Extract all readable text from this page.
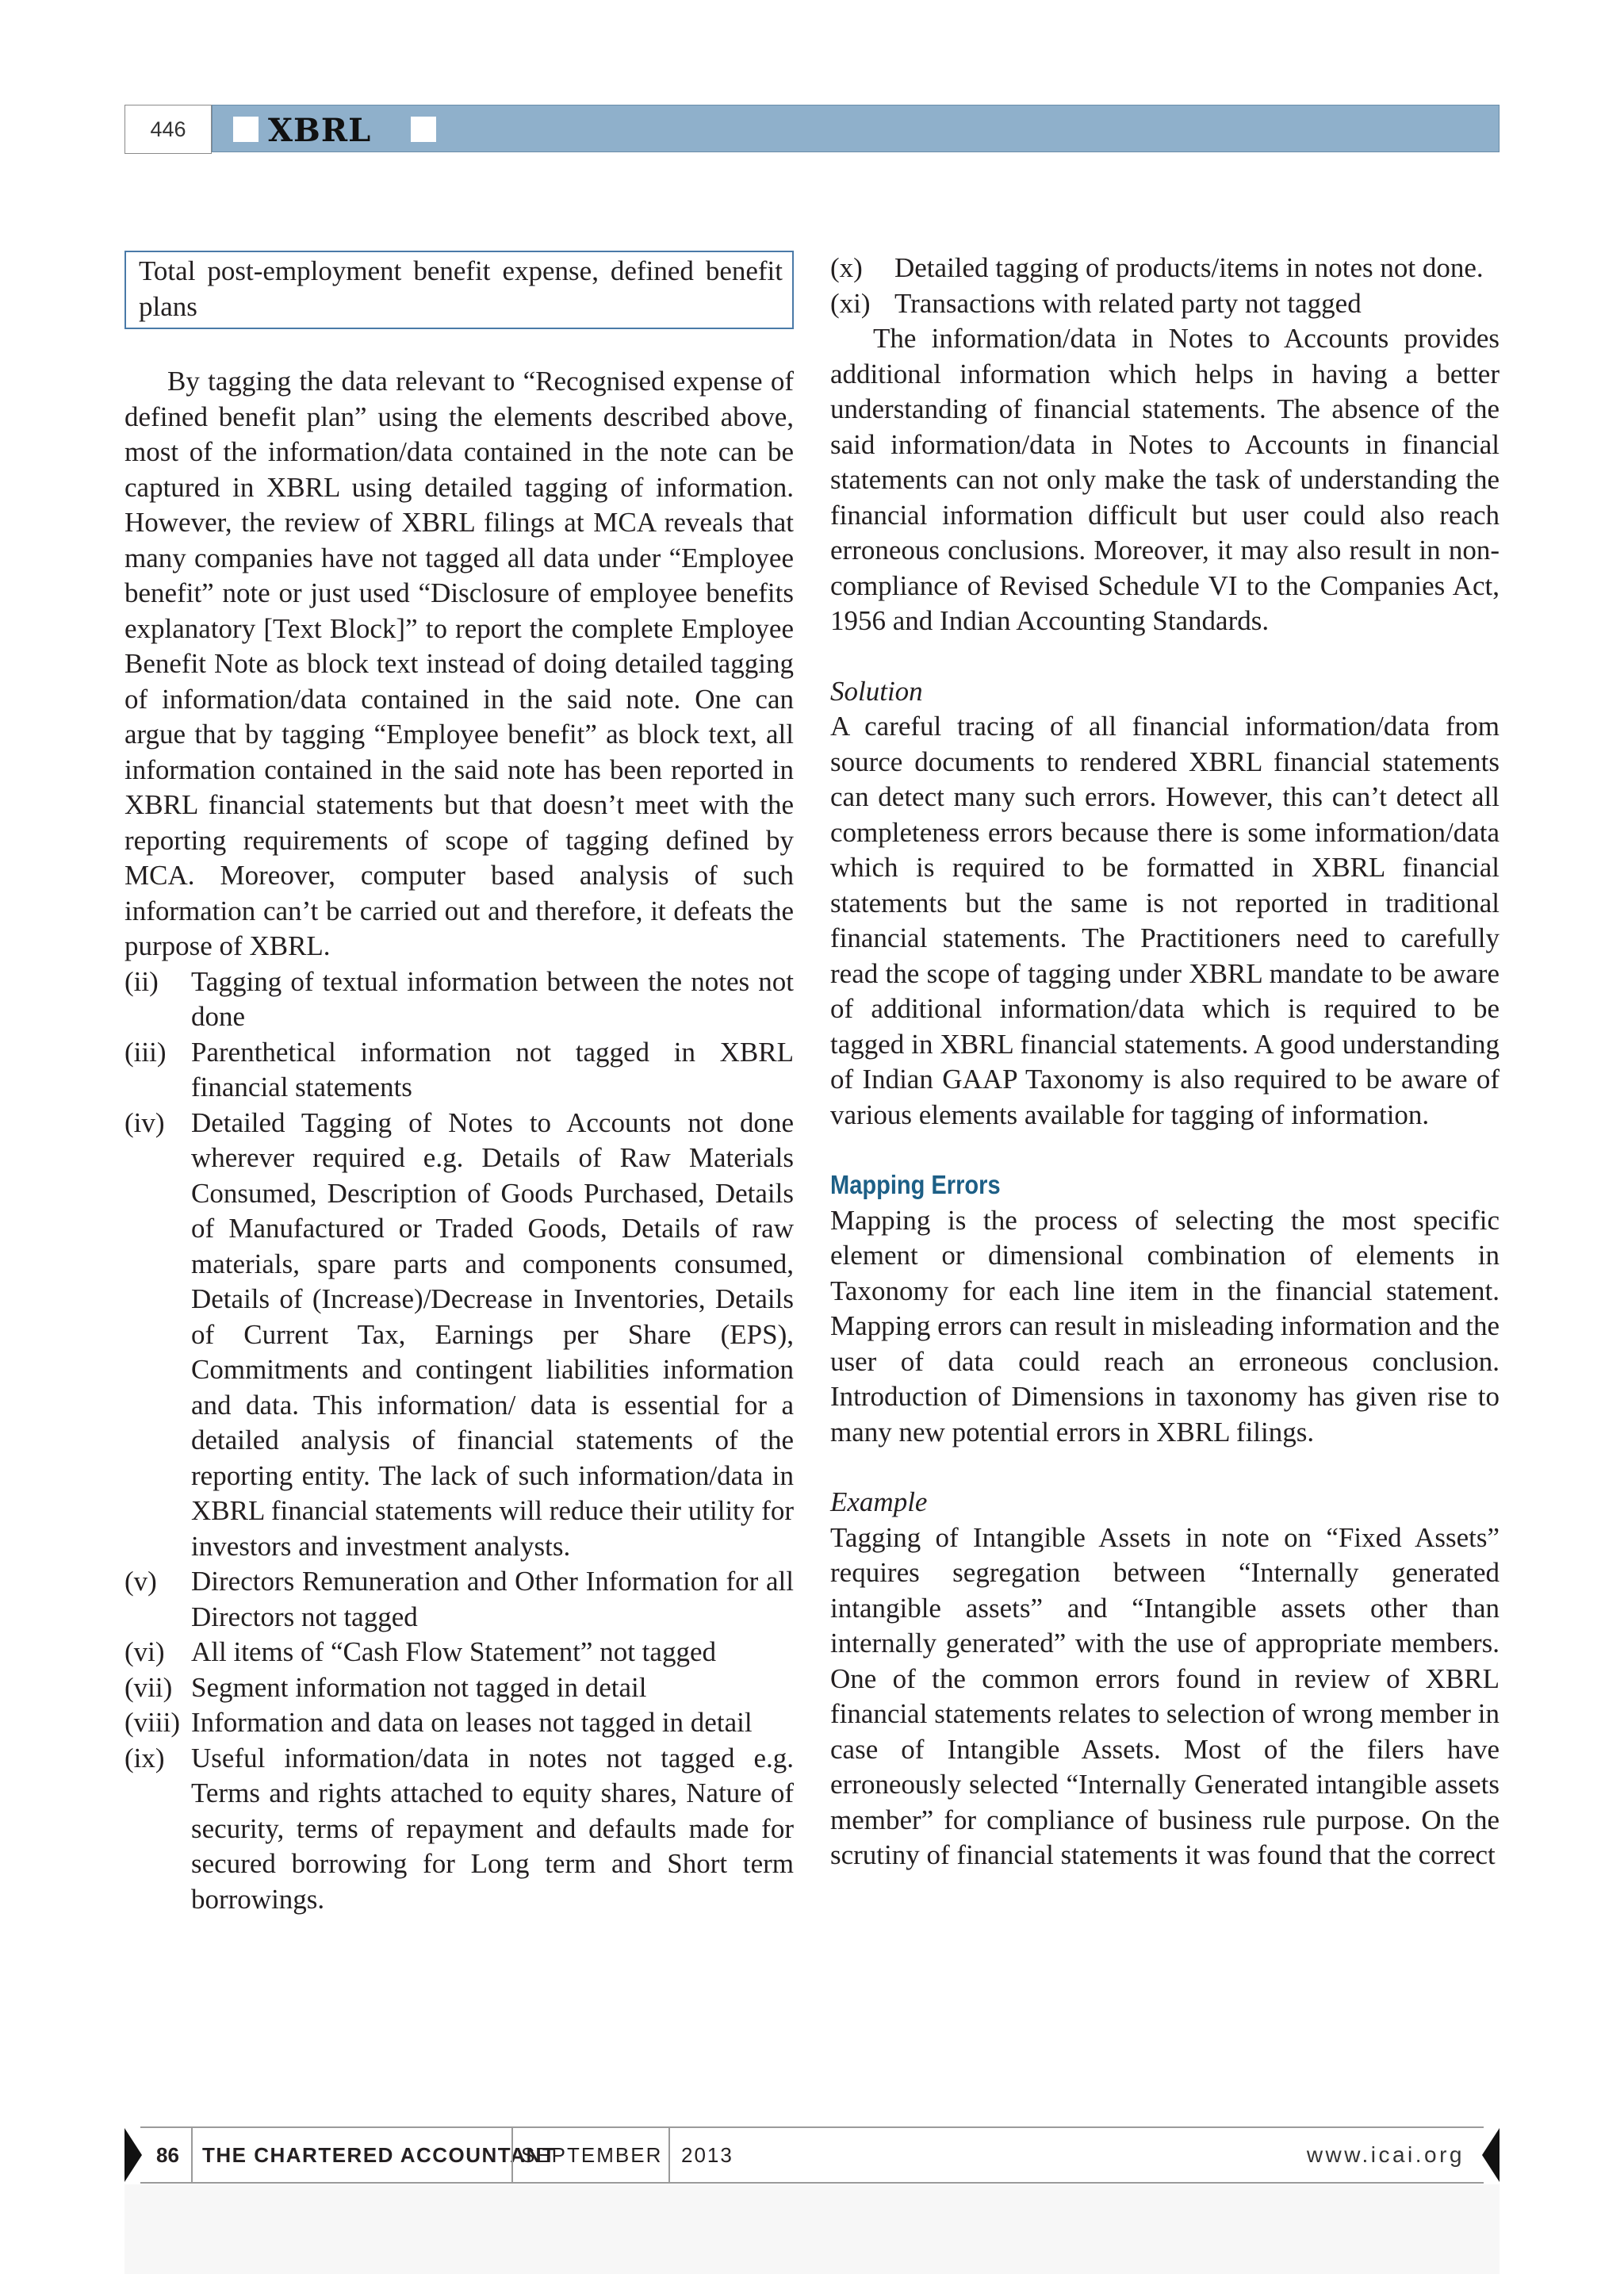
446	XBRL

Total post-employment benefit expense, defined benefit plans

By tagging the data relevant to “Recognised expense of defined benefit plan” using the elements described above, most of the information/data contained in the note can be captured in XBRL using detailed tagging of information. However, the review of XBRL filings at MCA reveals that many companies have not tagged all data under “Employee benefit” note or just used “Disclosure of employee benefits explanatory [Text Block]” to report the complete Employee Benefit Note as block text instead of doing detailed tagging of information/data contained in the said note. One can argue that by tagging “Employee benefit” as block text, all information contained in the said note has been reported in XBRL financial statements but that doesn’t meet with the reporting requirements of scope of tagging defined by MCA. Moreover, computer based analysis of such information can’t be carried out and therefore, it defeats the purpose of XBRL.

(ii)	Tagging of textual information between the notes not done
(iii) Parenthetical information not tagged in XBRL financial statements
(iv) Detailed Tagging of Notes to Accounts not done wherever required e.g. Details of Raw Materials Consumed, Description of Goods Purchased, Details of Manufactured or Traded Goods, Details of raw materials, spare parts and components consumed, Details of (Increase)/Decrease in Inventories, Details of Current Tax, Earnings per Share (EPS), Commitments and contingent liabilities information and data. This information/ data is essential for a detailed analysis of financial statements of the reporting entity. The lack of such information/data in XBRL financial statements will reduce their utility for investors and investment analysts.
(v)	Directors Remuneration and Other Information for all Directors not tagged
(vi) All items of “Cash Flow Statement” not tagged
(vii) Segment information not tagged in detail
(viii) Information and data on leases not tagged in detail
(ix) Useful information/data in notes not tagged e.g. Terms and rights attached to equity shares, Nature of security, terms of repayment and defaults made for secured borrowing for Long term and Short term borrowings.
(x)	Detailed tagging of products/items in notes not done.
(xi) Transactions with related party not tagged

The information/data in Notes to Accounts provides additional information which helps in having a better understanding of financial statements. The absence of the said information/data in Notes to Accounts in financial statements can not only make the task of understanding the financial information difficult but user could also reach erroneous conclusions. Moreover, it may also result in non-compliance of Revised Schedule VI to the Companies Act, 1956 and Indian Accounting Standards.

Solution

A careful tracing of all financial information/data from source documents to rendered XBRL financial statements can detect many such errors. However, this can’t detect all completeness errors because there is some information/data which is required to be formatted in XBRL financial statements but the same is not reported in traditional financial statements. The Practitioners need to carefully read the scope of tagging under XBRL mandate to be aware of additional information/data which is required to be tagged in XBRL financial statements. A good understanding of Indian GAAP Taxonomy is also required to be aware of various elements available for tagging of information.

Mapping Errors

Mapping is the process of selecting the most specific element or dimensional combination of elements in Taxonomy for each line item in the financial statement. Mapping errors can result in misleading information and the user of data could reach an erroneous conclusion. Introduction of Dimensions in taxonomy has given rise to many new potential errors in XBRL filings.

Example

Tagging of Intangible Assets in note on “Fixed Assets” requires segregation between “Internally generated intangible assets” and “Intangible assets other than internally generated” with the use of appropriate members. One of the common errors found in review of XBRL financial statements relates to selection of wrong member in case of Intangible Assets. Most of the filers have erroneously selected “Internally Generated intangible assets member” for compliance of business rule purpose. On the scrutiny of financial statements it was found that the correct

86	THE CHARTERED ACCOUNTANT
SEPTEMBER 2013	www.icai.org
